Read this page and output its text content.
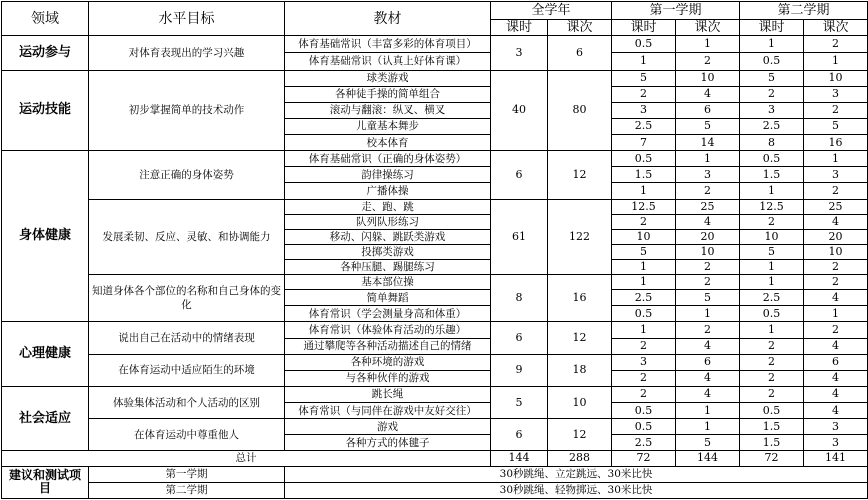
领域	水平目标	教材	全学年		第一学期		第二学期	
			课时	课次	课时	课次	课时	课次
运动参与	对体育表现出的学习兴趣	体育基础常识（丰富多彩的体育项目）	3	6	0.5	1	1	2
		体育基础常识（认真上好体育课）			1	2	0.5	1
运动技能	初步掌握简单的技术动作	球类游戏	40	80	5	10	5	10
		各种徒手操的简单组合			2	4	2	3
		滚动与翻滚：纵叉、横叉			3	6	3	2
		儿童基本舞步			2.5	5	2.5	5
		校本体育			7	14	8	16
身体健康	注意正确的身体姿势	体育基础常识（正确的身体姿势）	6	12	0.5	1	0.5	1
		韵律操练习			1.5	3	1.5	3
		广播体操			1	2	1	2
	发展柔韧、反应、灵敏、和协调能力	走、跑、跳	61	122	12.5	25	12.5	25
		队列队形练习			2	4	2	4
		移动、闪躲、跳跃类游戏			10	20	10	20
		投掷类游戏			5	10	5	10
		各种压腿、踢腿练习			1	2	1	2
	知道身体各个部位的名称和自己身体的变化	基本部位操	8	16	1	2	1	2
		简单舞蹈			2.5	5	2.5	4
		体育常识（学会测量身高和体重）			0.5	1	0.5	1
心理健康	说出自己在活动中的情绪表现	体育常识（体验体育活动的乐趣）	6	12	1	2	1	2
		通过攀爬等各种活动描述自己的情绪			2	4	2	4
	在体育运动中适应陌生的环境	各种环境的游戏	9	18	3	6	2	6
		与各种伙伴的游戏			2	4	2	4
社会适应	体验集体活动和个人活动的区别	跳长绳	5	10	2	4	2	4
		体育常识（与同伴在游戏中友好交往）			0.5	1	0.5	4
	在体育运动中尊重他人	游戏	6	12	0.5	1	1.5	3
		各种方式的体毽子			2.5	5	1.5	3
总计			144	288	72	144	72	141
建议和测试项目	第一学期	30秒跳绳、立定跳远、30米比快						
	第二学期	30秒跳绳、轻物掷远、30米比快						
